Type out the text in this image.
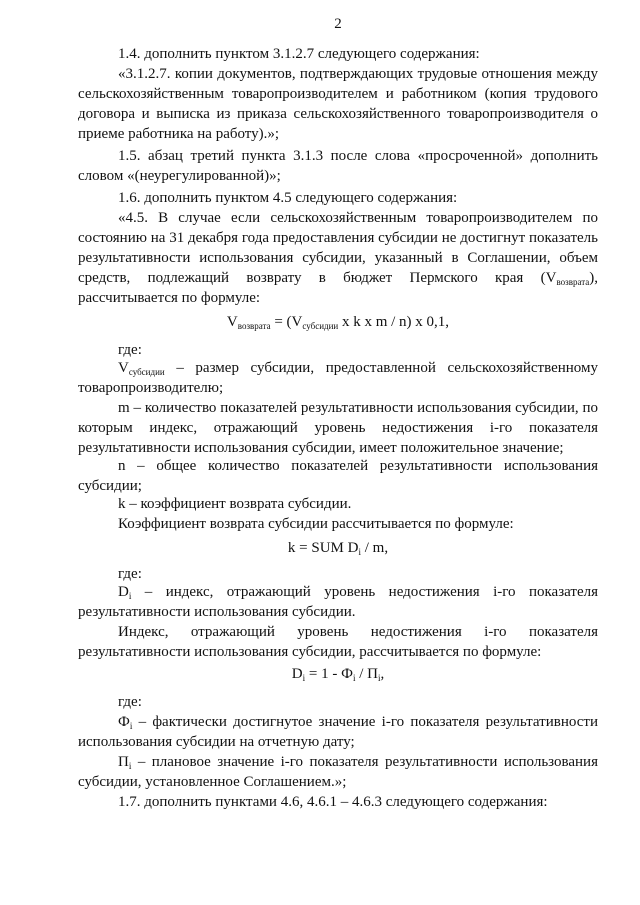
2

1.4. дополнить пунктом 3.1.2.7 следующего содержания:

«3.1.2.7. копии документов, подтверждающих трудовые отношения между сельскохозяйственным товаропроизводителем и работником (копия трудового договора и выписка из приказа сельскохозяйственного товаропроизводителя о приеме работника на работу).»;

1.5. абзац третий пункта 3.1.3 после слова «просроченной» дополнить словом «(неурегулированной)»;

1.6. дополнить пунктом 4.5 следующего содержания:

«4.5. В случае если сельскохозяйственным товаропроизводителем по состоянию на 31 декабря года предоставления субсидии не достигнут показатель результативности использования субсидии, указанный в Соглашении, объем средств, подлежащий возврату в бюджет Пермского края $(V_{возврата})$, рассчитывается по формуле:

$V_{возврата} = (V_{субсидии}$ x k x m / n) x 0,1,

где:

$V_{субсидии}$ – размер субсидии, предоставленной сельскохозяйственному товаропроизводителю;

m – количество показателей результативности использования субсидии, по которым индекс, отражающий уровень недостижения i-го показателя результативности использования субсидии, имеет положительное значение;

n – общее количество показателей результативности использования субсидии;

k – коэффициент возврата субсидии.

Коэффициент возврата субсидии рассчитывается по формуле:

k = SUM $D_i$ / m,

где:

$D_i$ – индекс, отражающий уровень недостижения i-го показателя результативности использования субсидии.

Индекс, отражающий уровень недостижения i-го показателя результативности использования субсидии, рассчитывается по формуле:

$D_i = 1 - Ф_i / П_i$,

где:

$Ф_i$ – фактически достигнутое значение i-го показателя результативности использования субсидии на отчетную дату;

$П_i$ – плановое значение i-го показателя результативности использования субсидии, установленное Соглашением.»;

1.7. дополнить пунктами 4.6, 4.6.1 – 4.6.3 следующего содержания:
